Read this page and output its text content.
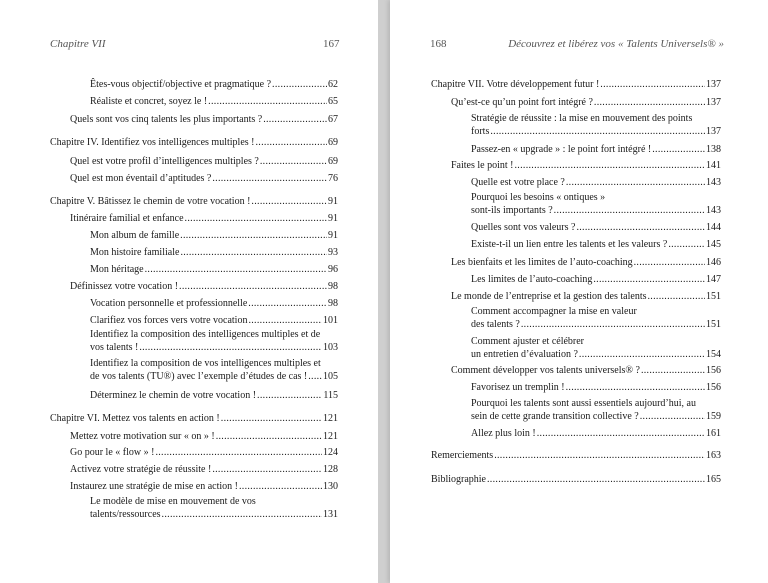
Chapitre VII	167
Êtes-vous objectif/objective et pragmatique ? .....	62
Réaliste et concret, soyez le ! .....	65
Quels sont vos cinq talents les plus importants ? .....	67
Chapitre IV. Identifiez vos intelligences multiples ! .....	69
Quel est votre profil d’intelligences multiples ? .....	69
Quel est mon éventail d’aptitudes ? .....	76
Chapitre V. Bâtissez le chemin de votre vocation ! .....	91
Itinéraire familial et enfance .....	91
Mon album de famille .....	91
Mon histoire familiale .....	93
Mon héritage .....	96
Définissez votre vocation ! .....	98
Vocation personnelle et professionnelle .....	98
Clarifiez vos forces vers votre vocation .....	101
Identifiez la composition des intelligences multiples et de
vos talents ! .....	103
Identifiez la composition de vos intelligences multiples et
de vos talents (TU®) avec l’exemple d’études de cas ! ..... 105
Déterminez le chemin de votre vocation ! .....	115
Chapitre VI. Mettez vos talents en action ! .....	121
Mettez votre motivation sur « on » ! .....	121
Go pour le « flow » ! .....	124
Activez votre stratégie de réussite ! .....	128
Instaurez une stratégie de mise en action ! .....	130
Le modèle de mise en mouvement de vos
talents/ressources .....	131
168	Découvrez et libérez vos « Talents Universels® »
Chapitre VII. Votre développement futur ! .....	137
Qu’est-ce qu’un point fort intégré ? .....	137
Stratégie de réussite : la mise en mouvement des points
forts .....	137
Passez-en « upgrade » : le point fort intégré ! .....	138
Faites le point ! .....	141
Quelle est votre place ? .....	143
Pourquoi les besoins « ontiques »
sont-ils importants ? .....	143
Quelles sont vos valeurs ? .....	144
Existe-t-il un lien entre les talents et les valeurs ? .....	145
Les bienfaits et les limites de l’auto-coaching .....	146
Les limites de l’auto-coaching .....	147
Le monde de l’entreprise et la gestion des talents .....	151
Comment accompagner la mise en valeur
des talents ? .....	151
Comment ajuster et célébrer
un entretien d’évaluation ? .....	154
Comment développer vos talents universels® ? .....	156
Favorisez un tremplin ! .....	156
Pourquoi les talents sont aussi essentiels aujourd’hui, au
sein de cette grande transition collective ? .....	159
Allez plus loin ! .....	161
Remerciements .....	163
Bibliographie .....	165
